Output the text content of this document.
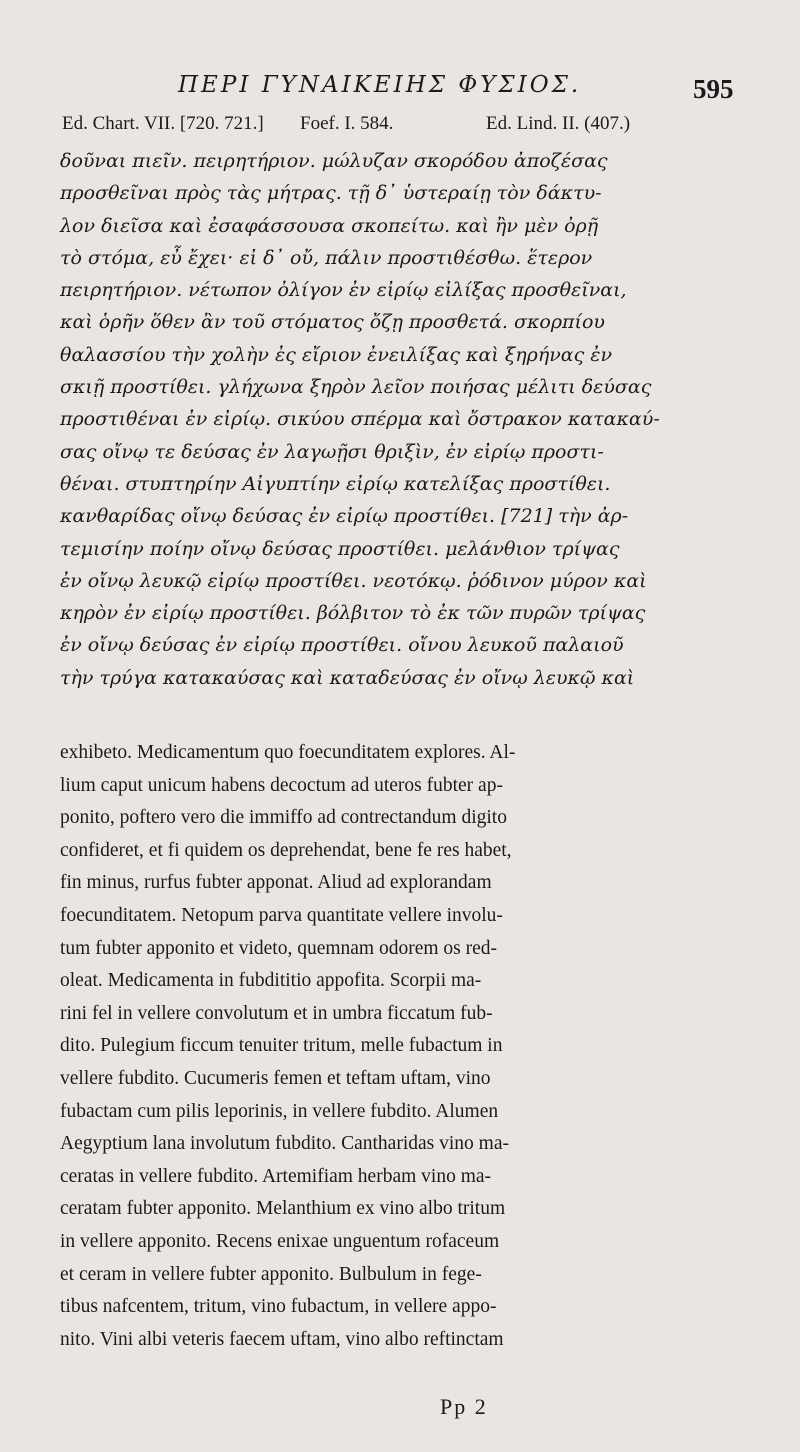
ΠΕΡΙ ΓΥΝΑΙΚΕΙΗΣ ΦΥΣΙΟΣ.	595
Ed. Chart. VII. [720. 721.] Foef. I. 584.	Ed. Lind. II. (407.)
δοῦναι πιεῖν. πειρητήριον. μώλυζαν σκορόδου ἀποζέσας
προσθεῖναι πρὸς τὰς μήτρας. τῇ δ᾽ ὑστεραίῃ τὸν δάκτυ-
λον διεῖσα καὶ ἐσαφάσσουσα σκοπείτω. καὶ ἢν μὲν ὀρῇ
τὸ στόμα, εὖ ἔχει· εἰ δ᾽ οὔ, πάλιν προστιθέσθω. ἕτερον
πειρητήριον. νέτωπον ὀλίγον ἐν εἰρίῳ εἰλίξας προσθεῖναι,
καὶ ὁρῆν ὅθεν ἂν τοῦ στόματος ὄζῃ προσθετά. σκορπίου
θαλασσίου τὴν χολὴν ἐς εἴριον ἐνειλίξας καὶ ξηρήνας ἐν
σκιῇ προστίθει. γλήχωνα ξηρὸν λεῖον ποιήσας μέλιτι δεύσας
προστιθέναι ἐν εἰρίῳ. σικύου σπέρμα καὶ ὄστρακον κατακαύ-
σας οἴνῳ τε δεύσας ἐν λαγωῇσι θριξὶν, ἐν εἰρίῳ προστι-
θέναι. στυπτηρίην Αἰγυπτίην εἰρίῳ κατελίξας προστίθει.
κανθαρίδας οἴνῳ δεύσας ἐν εἰρίῳ προστίθει. [721] τὴν ἀρ-
τεμισίην ποίην οἴνῳ δεύσας προστίθει. μελάνθιον τρίψας
ἐν οἴνῳ λευκῷ εἰρίῳ προστίθει. νεοτόκῳ. ῥόδινον μύρον καὶ
κηρὸν ἐν εἰρίῳ προστίθει. βόλβιτον τὸ ἐκ τῶν πυρῶν τρίψας
ἐν οἴνῳ δεύσας ἐν εἰρίῳ προστίθει. οἴνου λευκοῦ παλαιοῦ
τὴν τρύγα κατακαύσας καὶ καταδεύσας ἐν οἴνῳ λευκῷ καὶ
exhibeto. Medicamentum quo foecunditatem explores. Al-
lium caput unicum habens decoctum ad uteros fubter ap-
ponito, poftero vero die immiffo ad contrectandum digito
confideret, et fi quidem os deprehendat, bene fe res habet,
fin minus, rurfus fubter apponat. Aliud ad explorandam
foecunditatem. Netopum parva quantitate vellere involu-
tum fubter apponito et videto, quemnam odorem os red-
oleat. Medicamenta in fubdititio appofita. Scorpii ma-
rini fel in vellere convolutum et in umbra ficcatum fub-
dito. Pulegium ficcum tenuiter tritum, melle fubactum in
vellere fubdito. Cucumeris femen et teftam uftam, vino
fubactam cum pilis leporinis, in vellere fubdito. Alumen
Aegyptium lana involutum fubdito. Cantharidas vino ma-
ceratas in vellere fubdito. Artemifiam herbam vino ma-
ceratam fubter apponito. Melanthium ex vino albo tritum
in vellere apponito. Recens enixae unguentum rofaceum
et ceram in vellere fubter apponito. Bulbulum in fege-
tibus nafcentem, tritum, vino fubactum, in vellere appo-
nito. Vini albi veteris faecem uftam, vino albo reftinctam
Pp 2
